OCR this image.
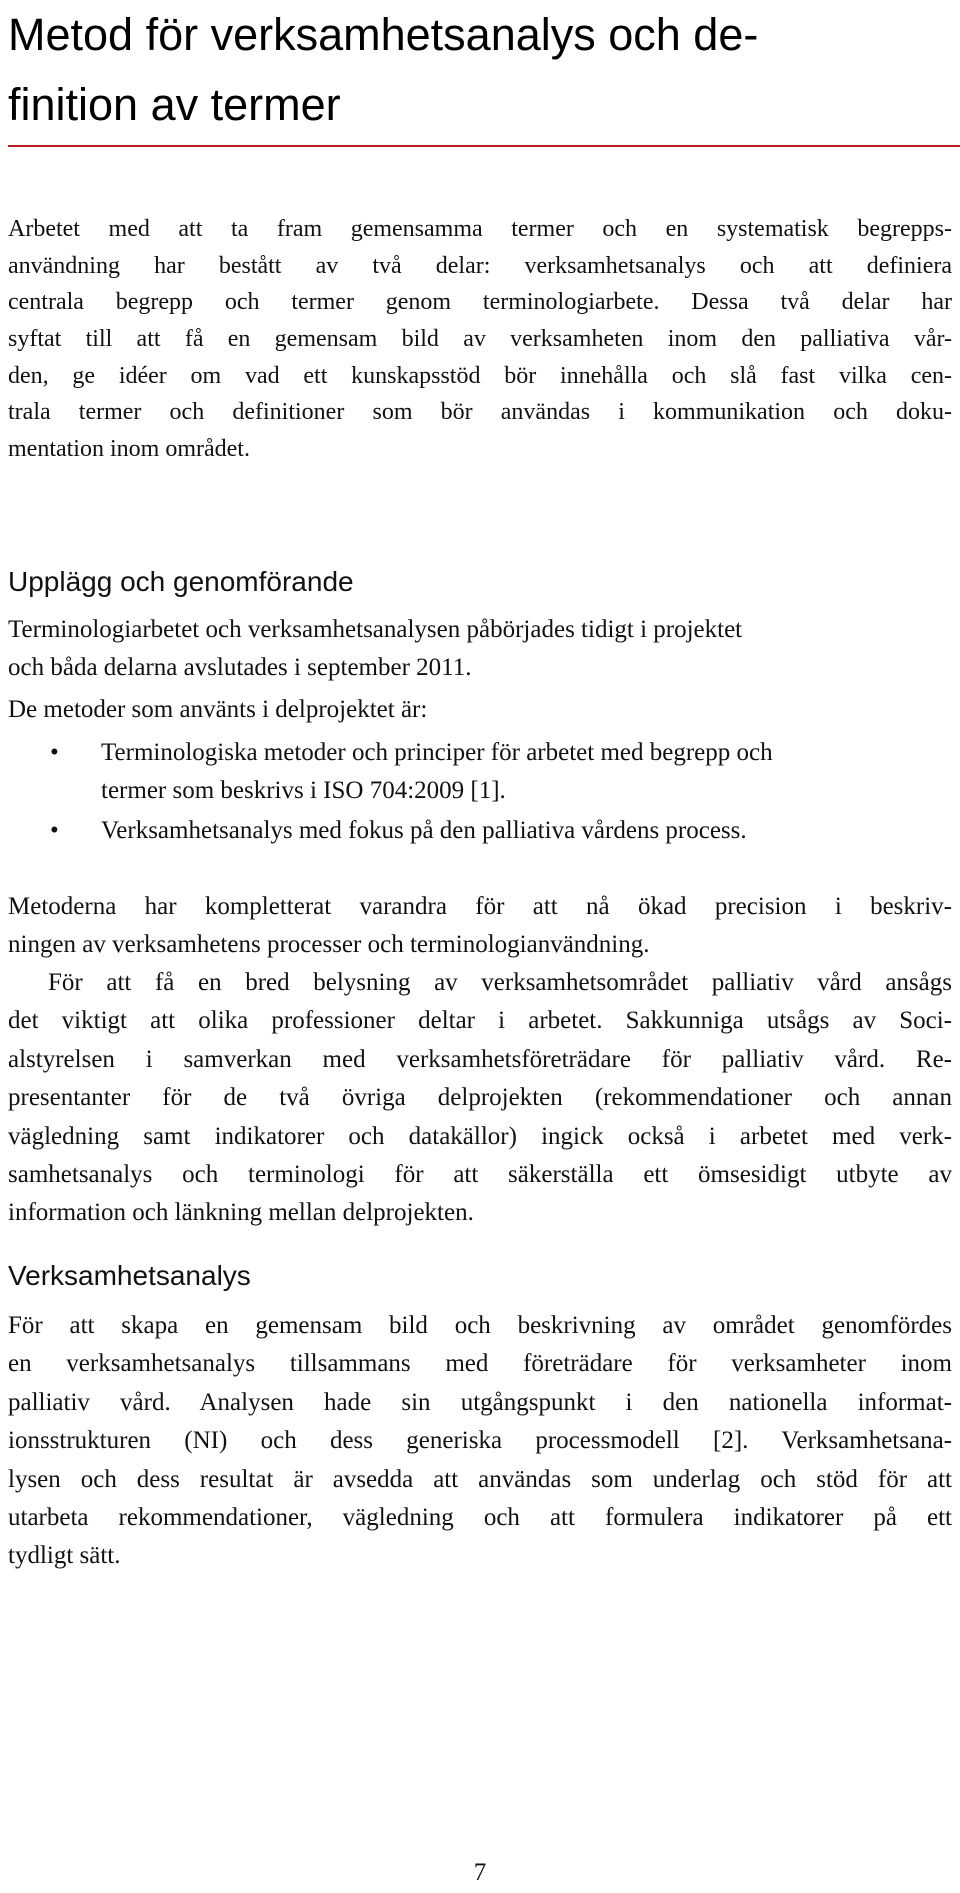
Metod för verksamhetsanalys och de-
finition av termer
Arbetet med att ta fram gemensamma termer och en systematisk begrepps-
användning har bestått av två delar: verksamhetsanalys och att definiera
centrala begrepp och termer genom terminologiarbete. Dessa två delar har
syftat till att få en gemensam bild av verksamheten inom den palliativa vår-
den, ge idéer om vad ett kunskapsstöd bör innehålla och slå fast vilka cen-
trala termer och definitioner som bör användas i kommunikation och doku-
mentation inom området.
Upplägg och genomförande
Terminologiarbetet och verksamhetsanalysen påbörjades tidigt i projektet
och båda delarna avslutades i september 2011.
De metoder som använts i delprojektet är:
• Terminologiska metoder och principer för arbetet med begrepp och
termer som beskrivs i ISO 704:2009 [1].
• Verksamhetsanalys med fokus på den palliativa vårdens process.
Metoderna har kompletterat varandra för att nå ökad precision i beskriv-
ningen av verksamhetens processer och terminologianvändning.
För att få en bred belysning av verksamhetsområdet palliativ vård ansågs
det viktigt att olika professioner deltar i arbetet. Sakkunniga utsågs av Soci-
alstyrelsen i samverkan med verksamhetsföreträdare för palliativ vård. Re-
presentanter för de två övriga delprojekten (rekommendationer och annan
vägledning samt indikatorer och datakällor) ingick också i arbetet med verk-
samhetsanalys och terminologi för att säkerställa ett ömsesidigt utbyte av
information och länkning mellan delprojekten.
Verksamhetsanalys
För att skapa en gemensam bild och beskrivning av området genomfördes
en verksamhetsanalys tillsammans med företrädare för verksamheter inom
palliativ vård. Analysen hade sin utgångspunkt i den nationella informat-
ionsstrukturen (NI) och dess generiska processmodell [2]. Verksamhetsana-
lysen och dess resultat är avsedda att användas som underlag och stöd för att
utarbeta rekommendationer, vägledning och att formulera indikatorer på ett
tydligt sätt.
7
